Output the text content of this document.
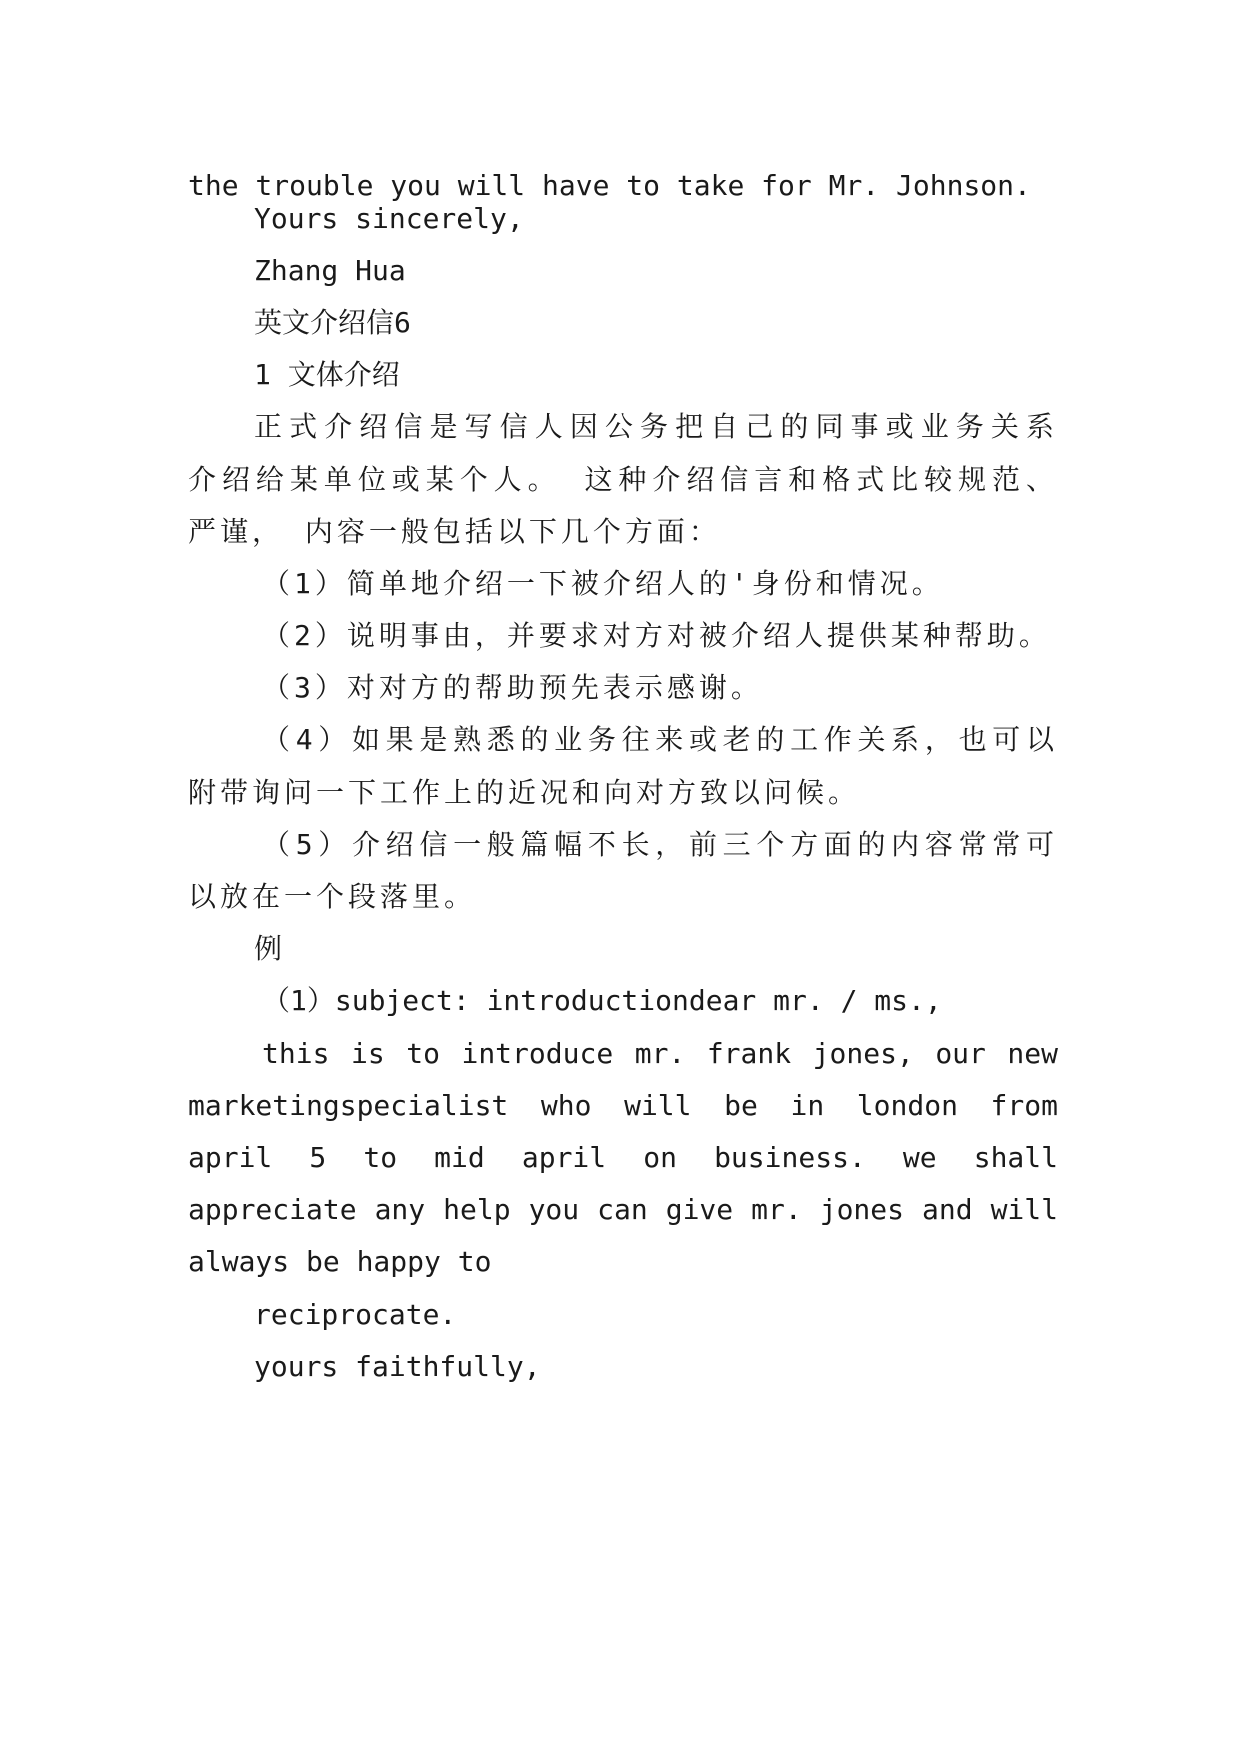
the trouble you will have to take for Mr. Johnson.
Yours sincerely,
Zhang Hua
英文介绍信6
1 文体介绍
正式介绍信是写信人因公务把自己的同事或业务关系
介绍给某单位或某个人。 这种介绍信言和格式比较规范、
严谨， 内容一般包括以下几个方面：
（1）简单地介绍一下被介绍人的'身份和情况。
（2）说明事由，并要求对方对被介绍人提供某种帮助。
（3）对对方的帮助预先表示感谢。
（4）如果是熟悉的业务往来或老的工作关系，也可以
附带询问一下工作上的近况和向对方致以问候。
（5）介绍信一般篇幅不长，前三个方面的内容常常可
以放在一个段落里。
例
（1）subject: introductiondear mr. / ms.,
this is to introduce mr. frank jones, our new
marketingspecialist who will be in london from
april 5 to mid april on business. we shall
appreciate any help you can give mr. jones and will
always be happy to
reciprocate.
yours faithfully,
